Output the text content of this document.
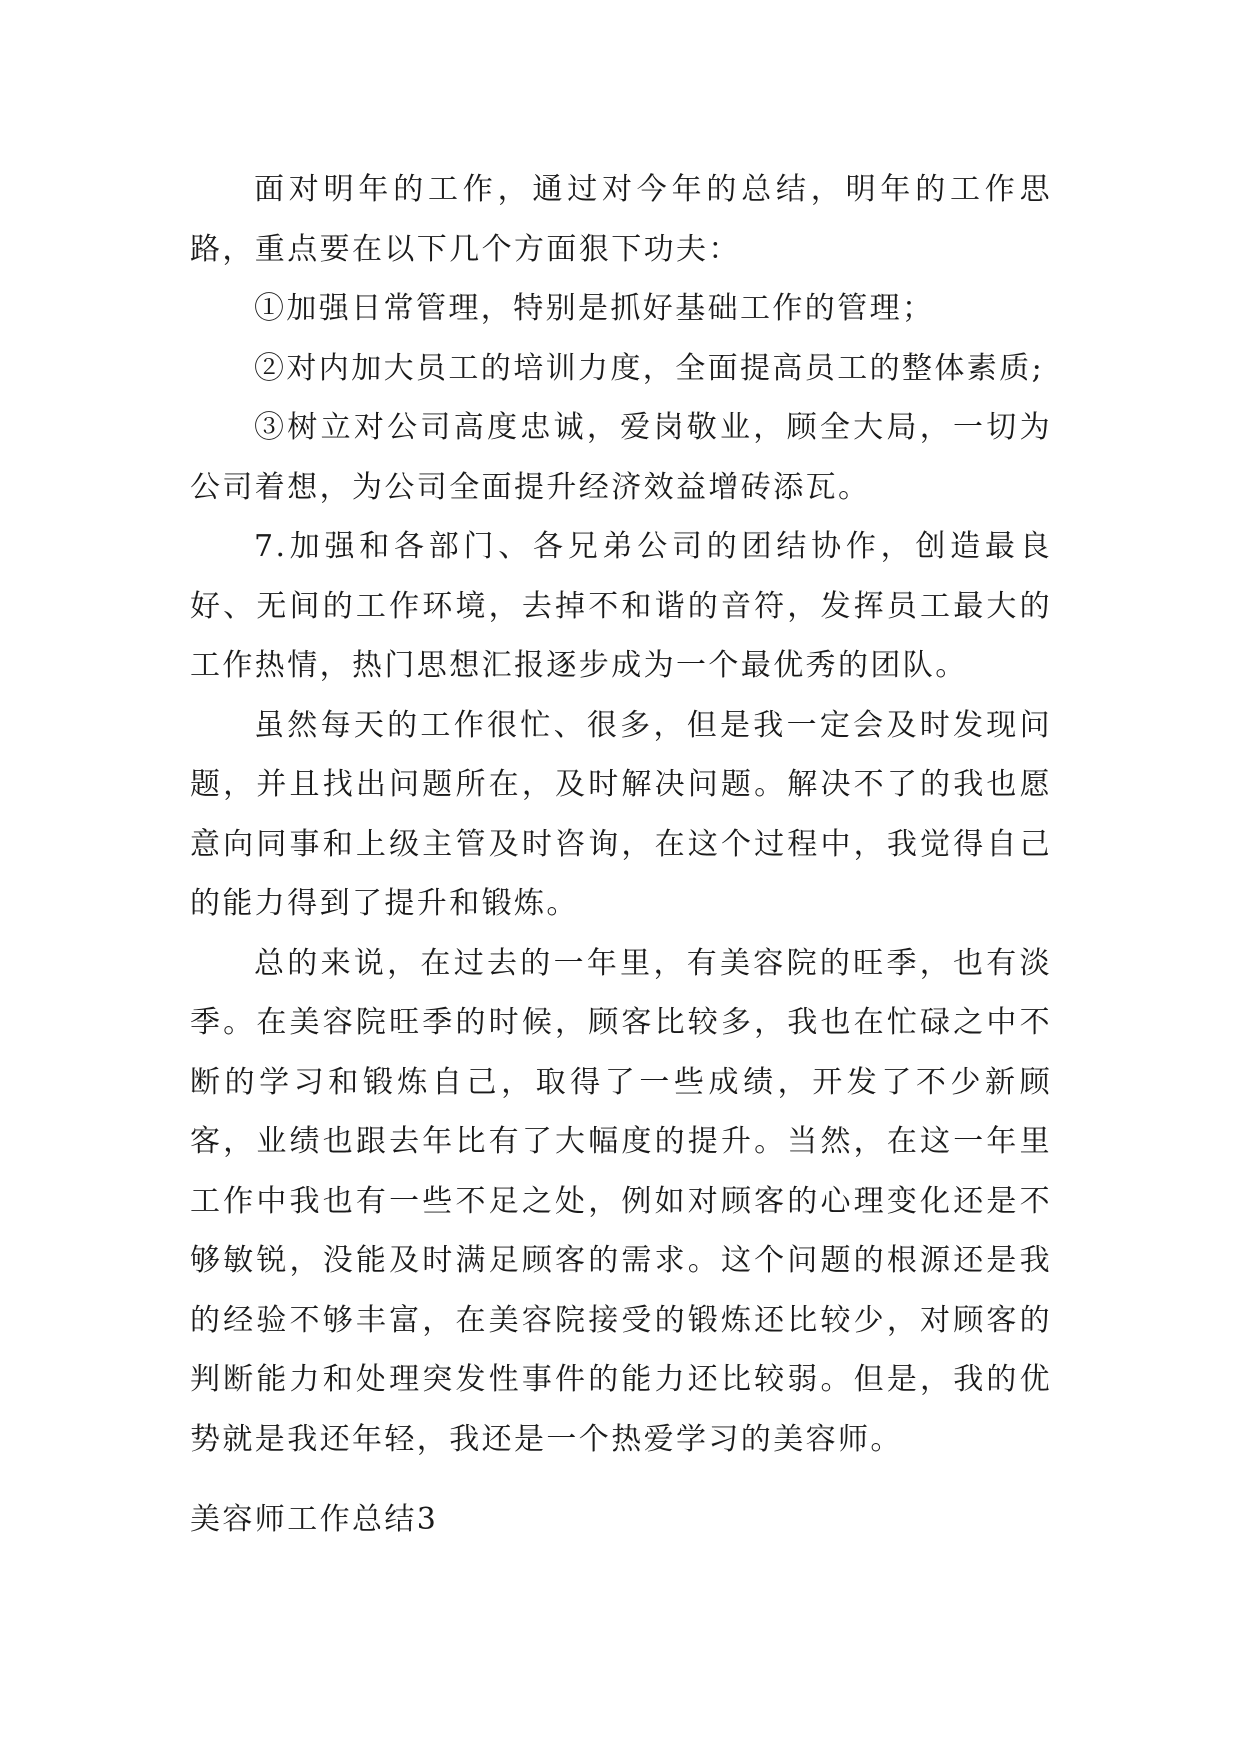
面对明年的工作，通过对今年的总结，明年的工作思路，重点要在以下几个方面狠下功夫：

①加强日常管理，特别是抓好基础工作的管理；

②对内加大员工的培训力度，全面提高员工的整体素质;

③树立对公司高度忠诚，爱岗敬业，顾全大局，一切为公司着想，为公司全面提升经济效益增砖添瓦。

7.加强和各部门、各兄弟公司的团结协作，创造最良好、无间的工作环境，去掉不和谐的音符，发挥员工最大的工作热情，热门思想汇报逐步成为一个最优秀的团队。

虽然每天的工作很忙、很多，但是我一定会及时发现问题，并且找出问题所在，及时解决问题。解决不了的我也愿意向同事和上级主管及时咨询，在这个过程中，我觉得自己的能力得到了提升和锻炼。

总的来说，在过去的一年里，有美容院的旺季，也有淡季。在美容院旺季的时候，顾客比较多，我也在忙碌之中不断的学习和锻炼自己，取得了一些成绩，开发了不少新顾客，业绩也跟去年比有了大幅度的提升。当然，在这一年里工作中我也有一些不足之处，例如对顾客的心理变化还是不够敏锐，没能及时满足顾客的需求。这个问题的根源还是我的经验不够丰富，在美容院接受的锻炼还比较少，对顾客的判断能力和处理突发性事件的能力还比较弱。但是，我的优势就是我还年轻，我还是一个热爱学习的美容师。

美容师工作总结3
